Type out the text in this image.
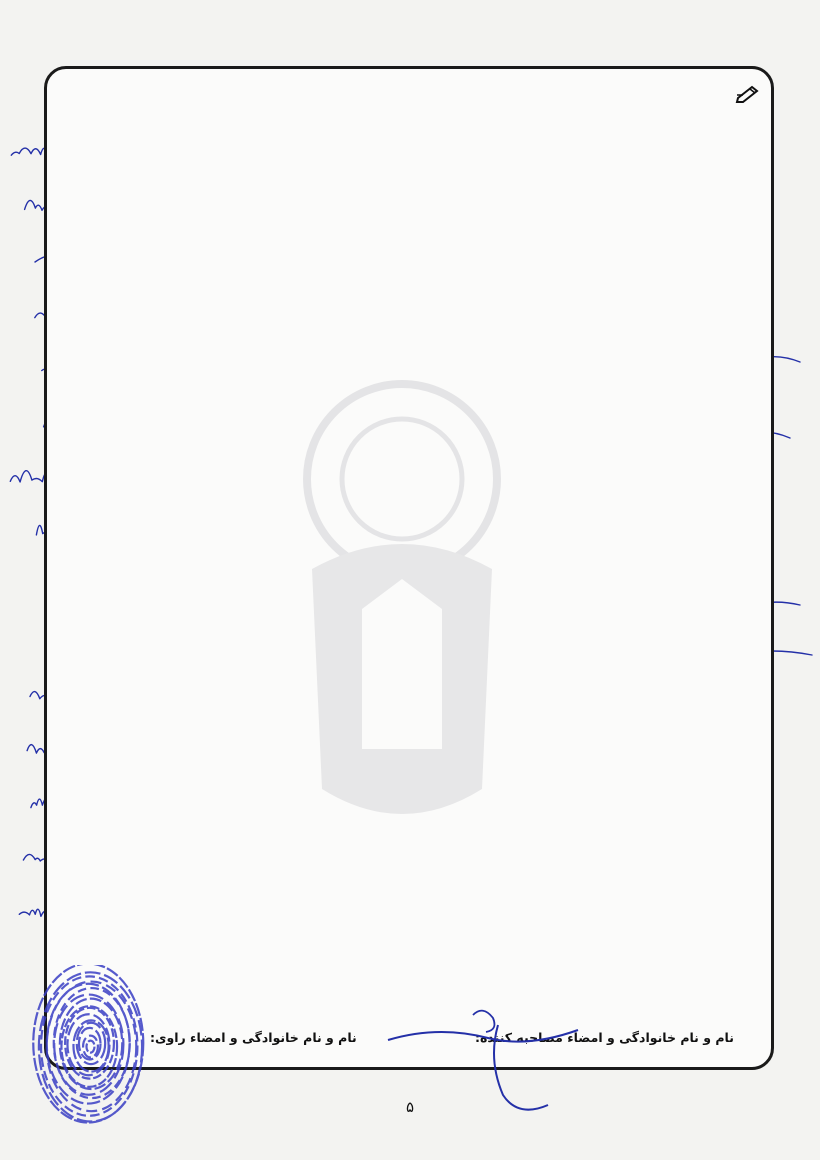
نام و نام خانوادگی و امضاء مصاحبه کننده:
نام و نام خانوادگی و امضاء راوی:
۵
